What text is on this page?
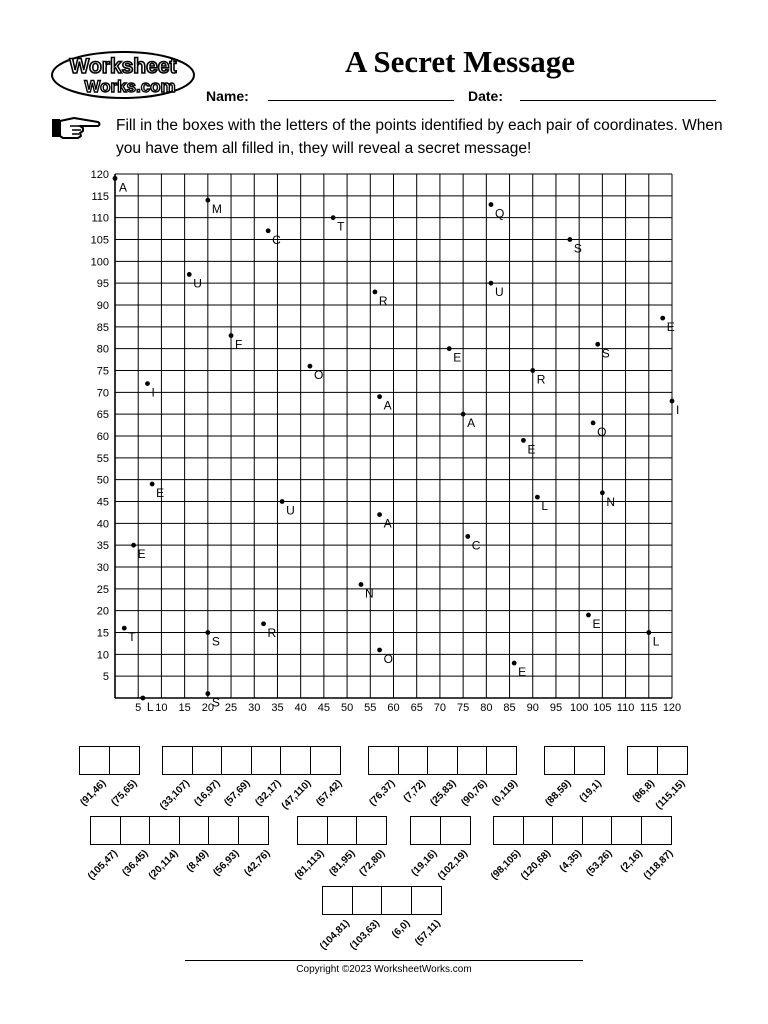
Worksheet
Works.com
A Secret Message
Name:	Date:
Fill in the boxes with the letters of the points identified by each pair of coordinates. When you have them all filled in, they will reveal a secret message!
5 10 15 20 25 30 35 40 45 50 55 60 65 70 75 80 85 90 95 100 105 110 115 120
5
10
15
20
25
30
35
40
45
50
55
60
65
70
75
80
85
90
95
100
105
110
115
120
A
M
T
Q
C
S
U
U
R
E
F
E	S
O	R
I
A	I
A
O
E
E
L	N
U
A
C
E
N
E
T	S
R
L
O
E
S
L
(91,46) (75,65) (33,107) (16,97) (57,69) (32,17)
(47,110) (57,42) (76,37) (7,72) (25,83) (90,76) (0,119) (88,59) (19,1)	(86,8)
(115,15)
(105,47) (36,45)
(20,114) (8,49) (56,93) (42,76) (81,113) (81,95) (72,80) (19,16)
(102,19) (98,105)
(120,68) (4,35) (53,26) (2,16)
(118,87)
(104,81)
(103,63) (6,0) (57,11)
Copyright ©2023 WorksheetWorks.com
